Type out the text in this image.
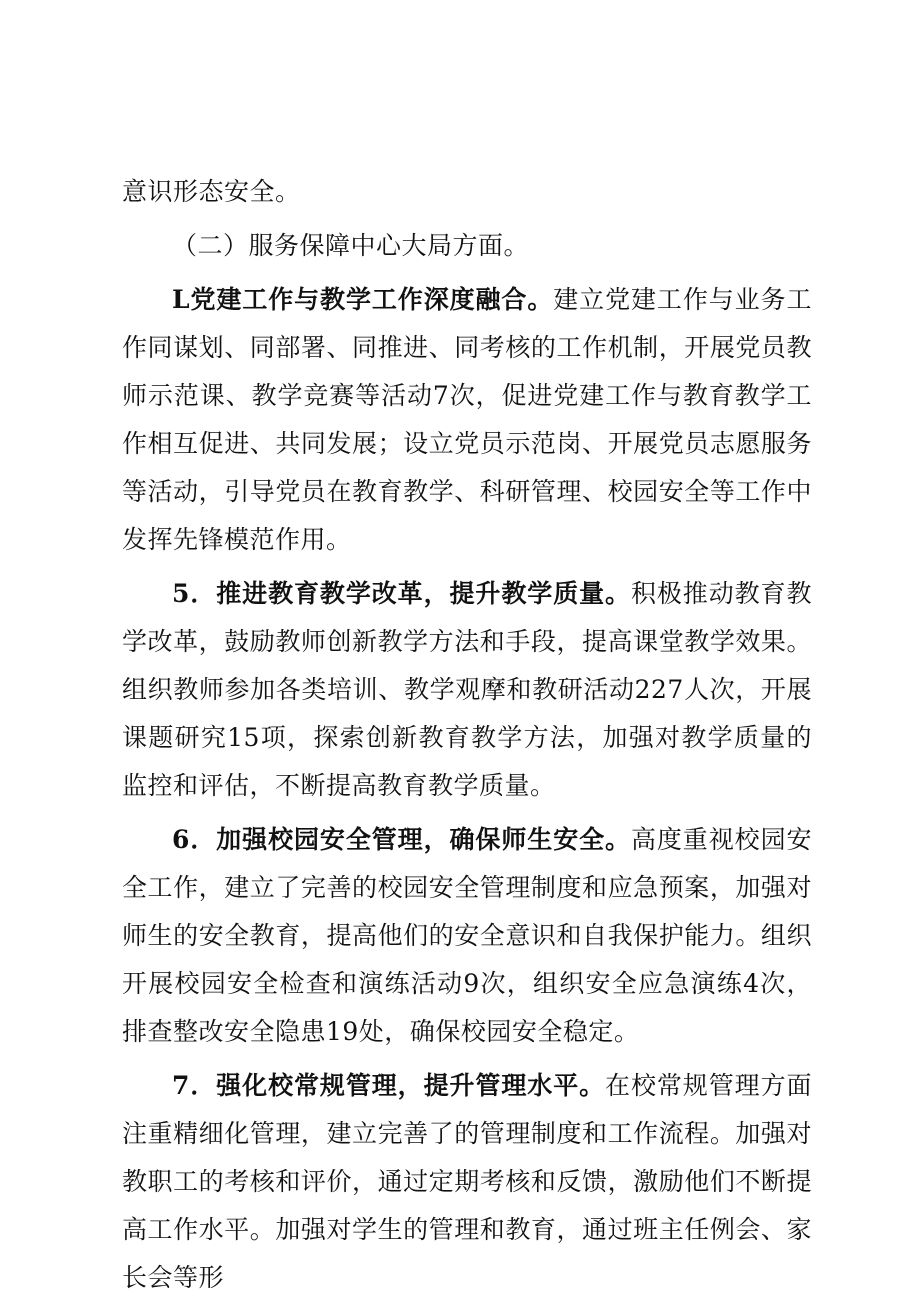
意识形态安全。

（二）服务保障中心大局方面。

L党建工作与教学工作深度融合。建立党建工作与业务工作同谋划、同部署、同推进、同考核的工作机制，开展党员教师示范课、教学竞赛等活动7次，促进党建工作与教育教学工作相互促进、共同发展；设立党员示范岗、开展党员志愿服务等活动，引导党员在教育教学、科研管理、校园安全等工作中发挥先锋模范作用。

5．推进教育教学改革，提升教学质量。积极推动教育教学改革，鼓励教师创新教学方法和手段，提高课堂教学效果。组织教师参加各类培训、教学观摩和教研活动227人次，开展课题研究15项，探索创新教育教学方法，加强对教学质量的监控和评估，不断提高教育教学质量。

6．加强校园安全管理，确保师生安全。高度重视校园安全工作，建立了完善的校园安全管理制度和应急预案，加强对师生的安全教育，提高他们的安全意识和自我保护能力。组织开展校园安全检查和演练活动9次，组织安全应急演练4次，排查整改安全隐患19处，确保校园安全稳定。

7．强化校常规管理，提升管理水平。在校常规管理方面注重精细化管理，建立完善了的管理制度和工作流程。加强对教职工的考核和评价，通过定期考核和反馈，激励他们不断提高工作水平。加强对学生的管理和教育，通过班主任例会、家长会等形
